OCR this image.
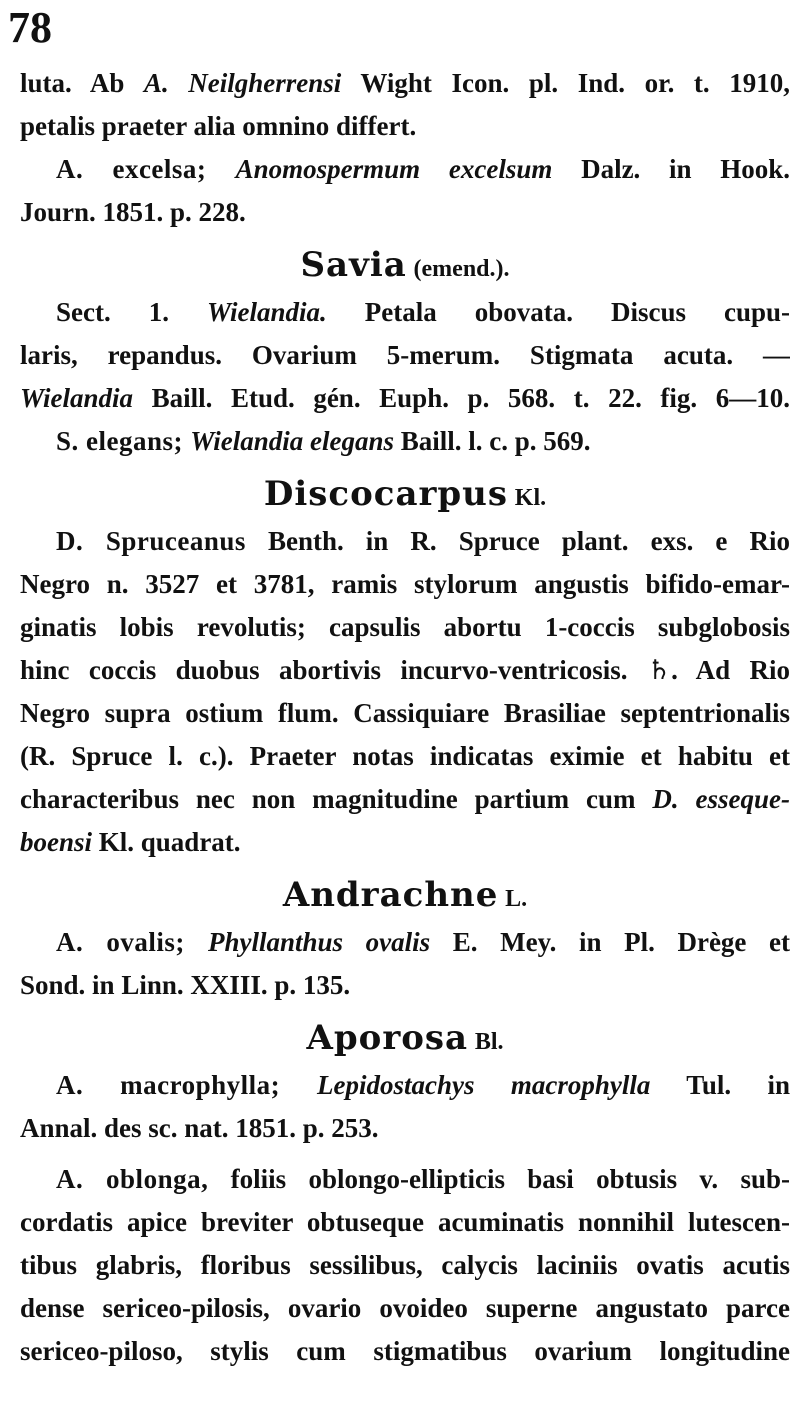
78
luta. Ab A. Neilgherrensi Wight Icon. pl. Ind. or. t. 1910,
petalis praeter alia omnino differt.
A. excelsa; Anomospermum excelsum Dalz. in Hook.
Journ. 1851. p. 228.
Savia (emend.).
Sect. 1. Wielandia. Petala obovata. Discus cupu-
laris, repandus. Ovarium 5-merum. Stigmata acuta. —
Wielandia Baill. Etud. gén. Euph. p. 568. t. 22. fig. 6—10.
S. elegans; Wielandia elegans Baill. l. c. p. 569.
Discocarpus Kl.
D. Spruceanus Benth. in R. Spruce plant. exs. e Rio
Negro n. 3527 et 3781, ramis stylorum angustis bifido-emar-
ginatis lobis revolutis; capsulis abortu 1-coccis subglobosis
hinc coccis duobus abortivis incurvo-ventricosis. ♄. Ad Rio
Negro supra ostium flum. Cassiquiare Brasiliae septentrionalis
(R. Spruce l. c.). Praeter notas indicatas eximie et habitu et
characteribus nec non magnitudine partium cum D. essequе-
boensi Kl. quadrat.
Andrachne L.
A. ovalis; Phyllanthus ovalis E. Mey. in Pl. Drège et
Sond. in Linn. XXIII. p. 135.
Aporosa Bl.
A. macrophylla; Lepidostachys macrophylla Tul. in
Annal. des sc. nat. 1851. p. 253.
A. oblonga, foliis oblongo-ellipticis basi obtusis v. sub-
cordatis apice breviter obtuseque acuminatis nonnihil lutescen-
tibus glabris, floribus sessilibus, calycis laciniis ovatis acutis
dense sericeo-pilosis, ovario ovoideo superne angustato parce
sericeo-piloso, stylis cum stigmatibus ovarium longitudine
